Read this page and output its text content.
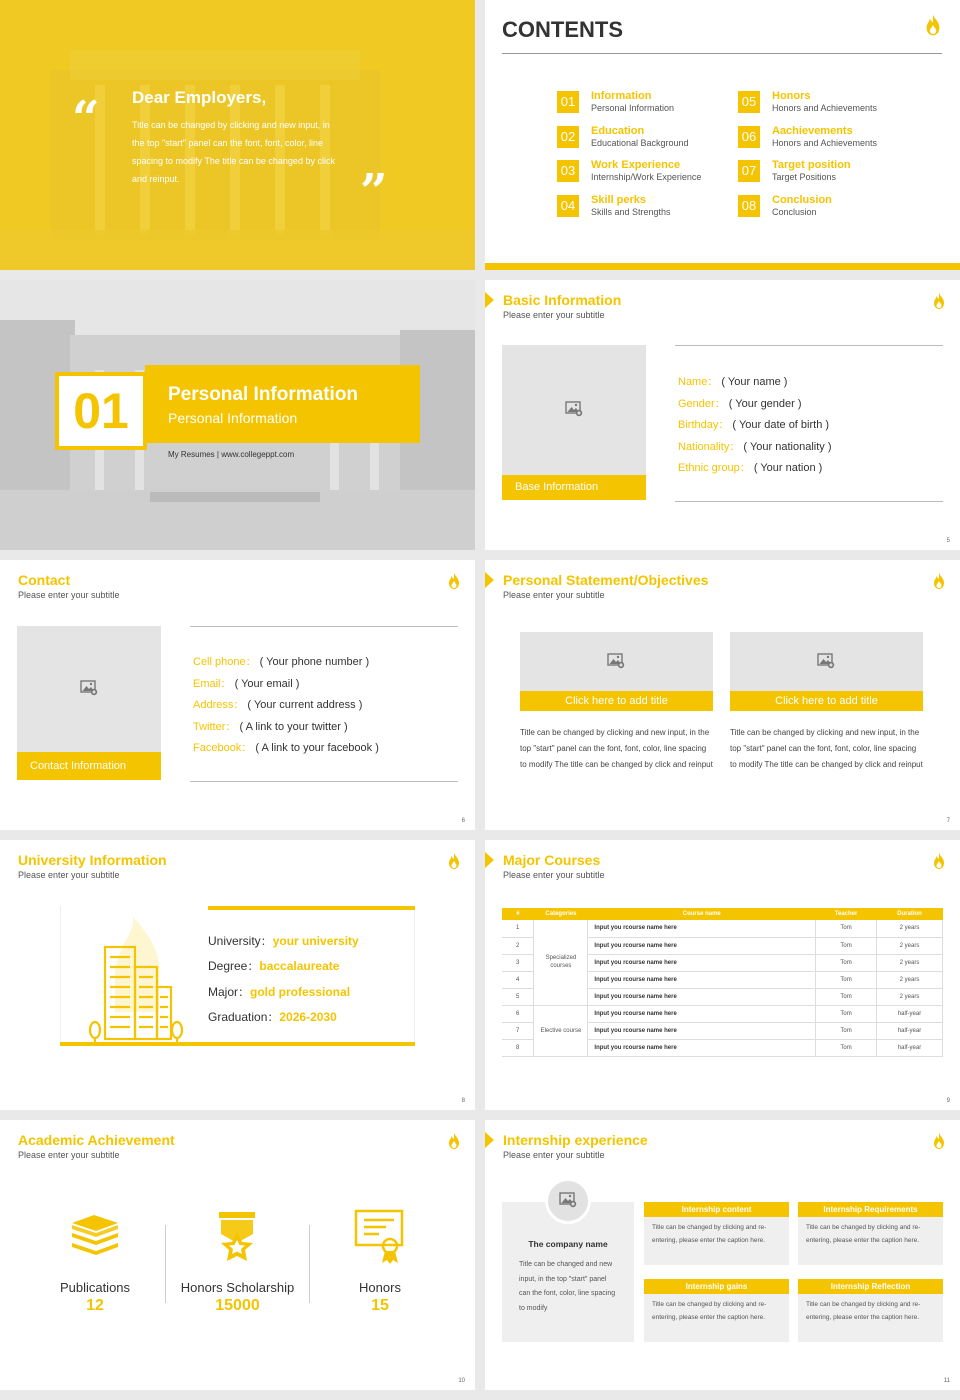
“
”
Dear Employers,
Title can be changed by clicking and new input, in the top "start" panel can the font, font, color, line spacing to modify The title can be changed by click and reinput.
CONTENTS
01	Information
Personal Information
02	Education
Educational Background
03	Work Experience
Internship/Work Experience
04	Skill perks
Skills and Strengths
05	Honors
Honors and Achievements
06	Aachievements
Honors and Achievements
07	Target position
Target Positions
08	Conclusion
Conclusion
01	Personal Information
Personal Information
My Resumes | www.collegeppt.com
Basic Information
Please enter your subtitle
Base Information
Name： ( Your name )
Gender： ( Your gender )
Birthday： ( Your date of birth )
Nationality： ( Your nationality )
Ethnic group： ( Your nation )
5
Contact
Please enter your subtitle
Contact Information
Cell phone： ( Your phone number )
Email： ( Your email )
Address： ( Your current address )
Twitter： ( A link to your twitter )
Facebook： ( A link to your facebook )
6
Personal Statement/Objectives
Please enter your subtitle
Click here to add title
Title can be changed by clicking and new input, in the top "start" panel can the font, font, color, line spacing to modify The title can be changed by click and reinput
Click here to add title
Title can be changed by clicking and new input, in the top "start" panel can the font, font, color, line spacing to modify The title can be changed by click and reinput
7
University Information
Please enter your subtitle
University：your university
Degree：baccalaureate
Major：gold professional
Graduation：2026-2030
8
Major Courses
Please enter your subtitle
#	Categories	Course name	Teacher	Duration
1	Specialized courses	Input you rcourse name here	Tom	2 years
2		Input you rcourse name here	Tom	2 years
3		Input you rcourse name here	Tom	2 years
4		Input you rcourse name here	Tom	2 years
5		Input you rcourse name here	Tom	2 years
6	Elective course	Input you rcourse name here	Tom	half-year
7		Input you rcourse name here	Tom	half-year
8		Input you rcourse name here	Tom	half-year
9
Academic Achievement
Please enter your subtitle
Publications
12
Honors Scholarship
15000
Honors
15
10
Internship experience
Please enter your subtitle
The company name
Title can be changed and new input, in the top "start" panel can the font, color, line spacing to modify
Internship content
Title can be changed by clicking and re-entering, please enter the caption here.
Internship Requirements
Title can be changed by clicking and re-entering, please enter the caption here.
Internship gains
Title can be changed by clicking and re-entering, please enter the caption here.
Internship Reflection
Title can be changed by clicking and re-entering, please enter the caption here.
11
